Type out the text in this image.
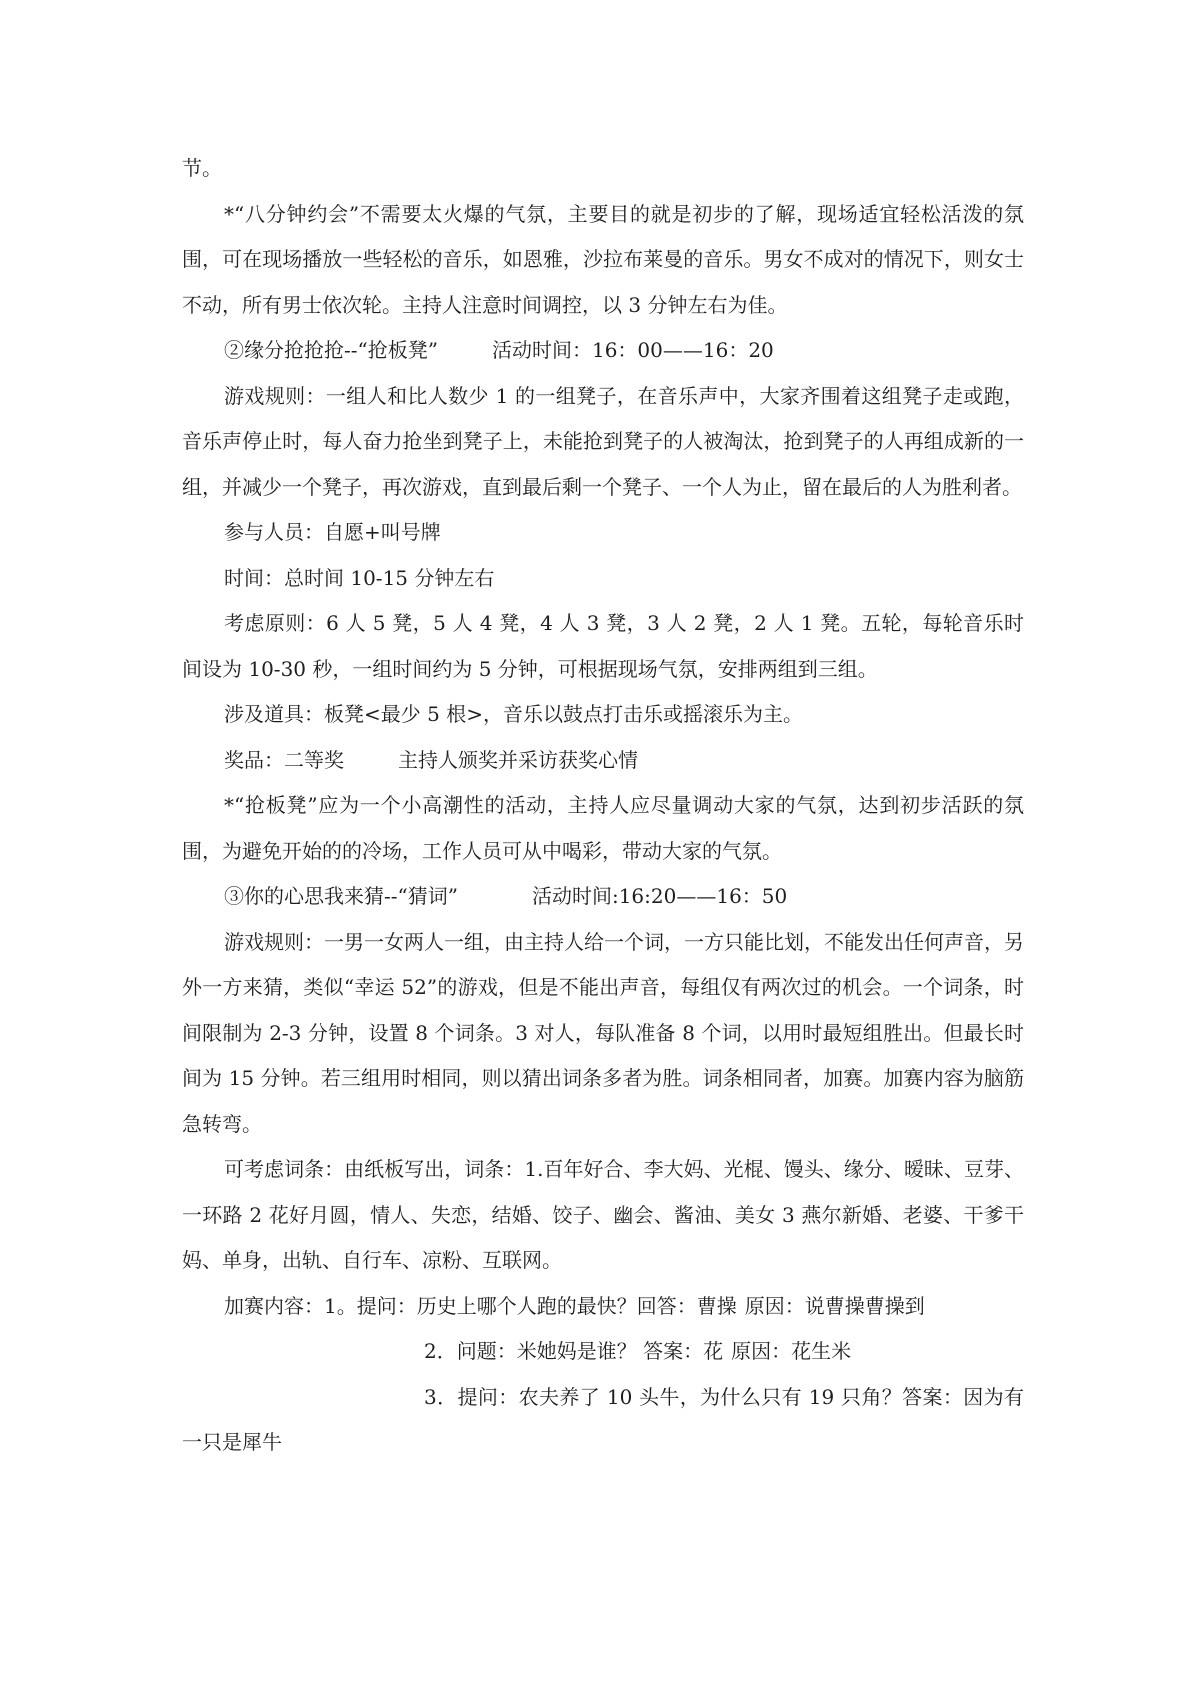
节。

*“八分钟约会”不需要太火爆的气氛，主要目的就是初步的了解，现场适宜轻松活泼的氛围，可在现场播放一些轻松的音乐，如恩雅，沙拉布莱曼的音乐。男女不成对的情况下，则女士不动，所有男士依次轮。主持人注意时间调控，以 3 分钟左右为佳。

②缘分抢抢抢--“抢板凳”	活动时间：16：00——16：20

游戏规则：一组人和比人数少 1 的一组凳子，在音乐声中，大家齐围着这组凳子走或跑，音乐声停止时，每人奋力抢坐到凳子上，未能抢到凳子的人被淘汰，抢到凳子的人再组成新的一组，并减少一个凳子，再次游戏，直到最后剩一个凳子、一个人为止，留在最后的人为胜利者。

参与人员：自愿+叫号牌

时间：总时间 10-15 分钟左右

考虑原则：6 人 5 凳，5 人 4 凳，4 人 3 凳，3 人 2 凳，2 人 1 凳。五轮，每轮音乐时间设为 10-30 秒，一组时间约为 5 分钟，可根据现场气氛，安排两组到三组。

涉及道具：板凳<最少 5 根>，音乐以鼓点打击乐或摇滚乐为主。

奖品：二等奖	主持人颁奖并采访获奖心情

*“抢板凳”应为一个小高潮性的活动，主持人应尽量调动大家的气氛，达到初步活跃的氛围，为避免开始的的冷场，工作人员可从中喝彩，带动大家的气氛。

③你的心思我来猜--“猜词”	活动时间:16:20——16：50

游戏规则：一男一女两人一组，由主持人给一个词，一方只能比划，不能发出任何声音，另外一方来猜，类似“幸运 52”的游戏，但是不能出声音，每组仅有两次过的机会。一个词条，时间限制为 2-3 分钟，设置 8 个词条。3 对人，每队准备 8 个词，以用时最短组胜出。但最长时间为 15 分钟。若三组用时相同，则以猜出词条多者为胜。词条相同者，加赛。加赛内容为脑筋急转弯。

可考虑词条：由纸板写出，词条：1.百年好合、李大妈、光棍、馒头、缘分、暧昧、豆芽、一环路 2 花好月圆，情人、失恋，结婚、饺子、幽会、酱油、美女 3 燕尔新婚、老婆、干爹干妈、单身，出轨、自行车、凉粉、互联网。

加赛内容：1。提问：历史上哪个人跑的最快？回答：曹操 原因：说曹操曹操到

2．问题：米她妈是谁？ 答案：花 原因：花生米

3．提问：农夫养了 10 头牛，为什么只有 19 只角？答案：因为有一只是犀牛
